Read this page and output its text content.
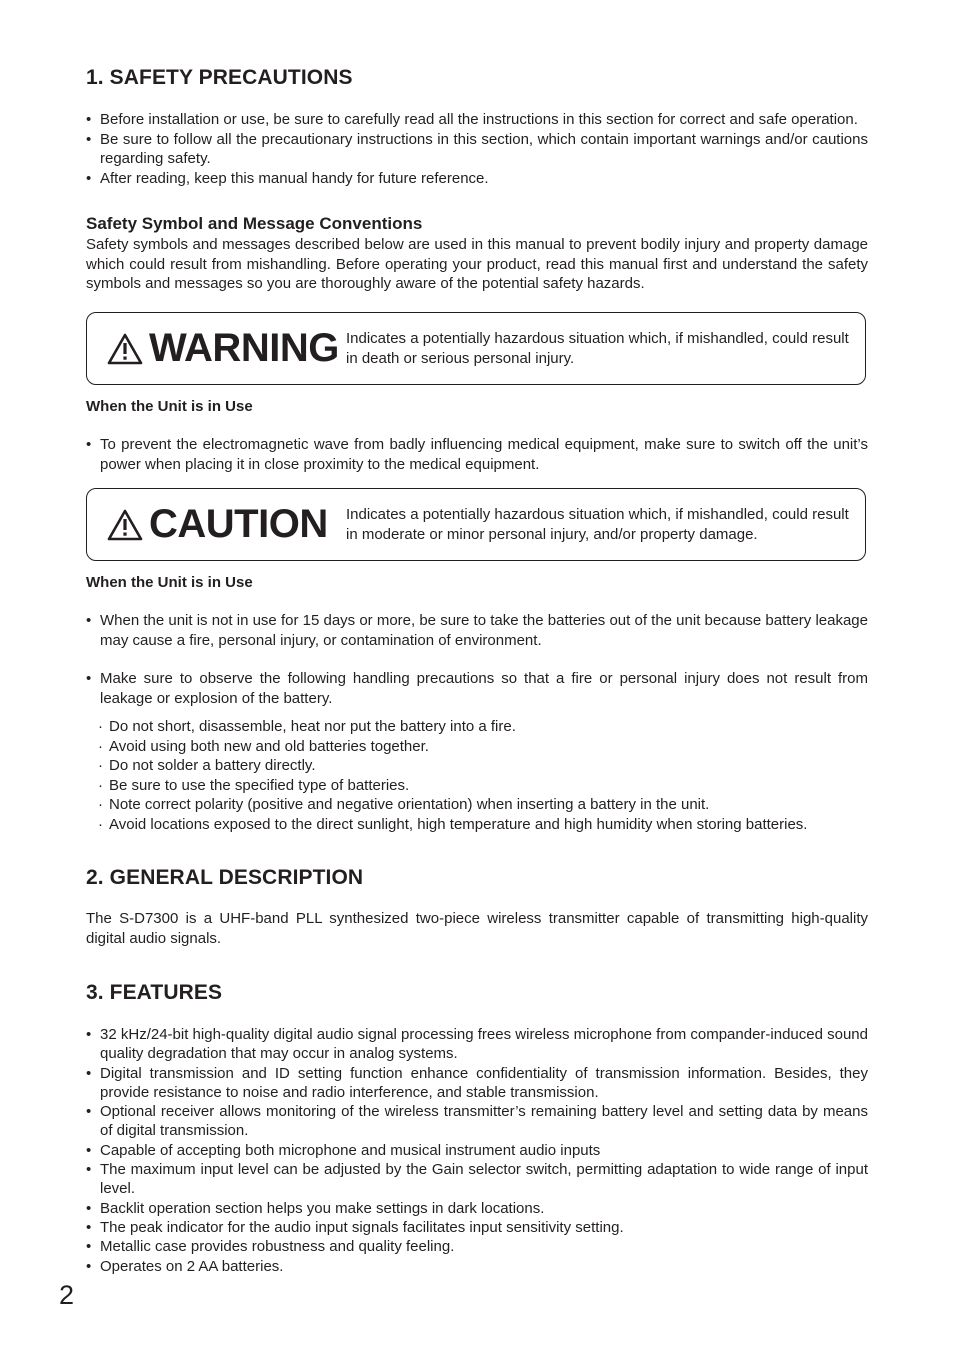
1. SAFETY PRECAUTIONS
• Before installation or use, be sure to carefully read all the instructions in this section for correct and safe operation.
• Be sure to follow all the precautionary instructions in this section, which contain important warnings and/or cautions regarding safety.
• After reading, keep this manual handy for future reference.
Safety Symbol and Message Conventions

Safety symbols and messages described below are used in this manual to prevent bodily injury and property damage which could result from mishandling. Before operating your product, read this manual first and understand the safety symbols and messages so you are thoroughly aware of the potential safety hazards.

WARNING Indicates a potentially hazardous situation which, if mishandled, could result in death or serious personal injury.
When the Unit is in Use
• To prevent the electromagnetic wave from badly influencing medical equipment, make sure to switch off the unit’s power when placing it in close proximity to the medical equipment.
CAUTION Indicates a potentially hazardous situation which, if mishandled, could result in moderate or minor personal injury, and/or property damage.
When the Unit is in Use
• When the unit is not in use for 15 days or more, be sure to take the batteries out of the unit because battery leakage may cause a fire, personal injury, or contamination of environment.
• Make sure to observe the following handling precautions so that a fire or personal injury does not result from leakage or explosion of the battery.
· Do not short, disassemble, heat nor put the battery into a fire.
· Avoid using both new and old batteries together.
· Do not solder a battery directly.
· Be sure to use the specified type of batteries.
· Note correct polarity (positive and negative orientation) when inserting a battery in the unit.
· Avoid locations exposed to the direct sunlight, high temperature and high humidity when storing batteries.
2. GENERAL DESCRIPTION

The S-D7300 is a UHF-band PLL synthesized two-piece wireless transmitter capable of transmitting high-quality digital audio signals.

3. FEATURES
• 32 kHz/24-bit high-quality digital audio signal processing frees wireless microphone from compander-induced sound quality degradation that may occur in analog systems.
• Digital transmission and ID setting function enhance confidentiality of transmission information. Besides, they provide resistance to noise and radio interference, and stable transmission.
• Optional receiver allows monitoring of the wireless transmitter’s remaining battery level and setting data by means of digital transmission.
• Capable of accepting both microphone and musical instrument audio inputs
• The maximum input level can be adjusted by the Gain selector switch, permitting adaptation to wide range of input level.
• Backlit operation section helps you make settings in dark locations.
• The peak indicator for the audio input signals facilitates input sensitivity setting.
• Metallic case provides robustness and quality feeling.
• Operates on 2 AA batteries.
2
